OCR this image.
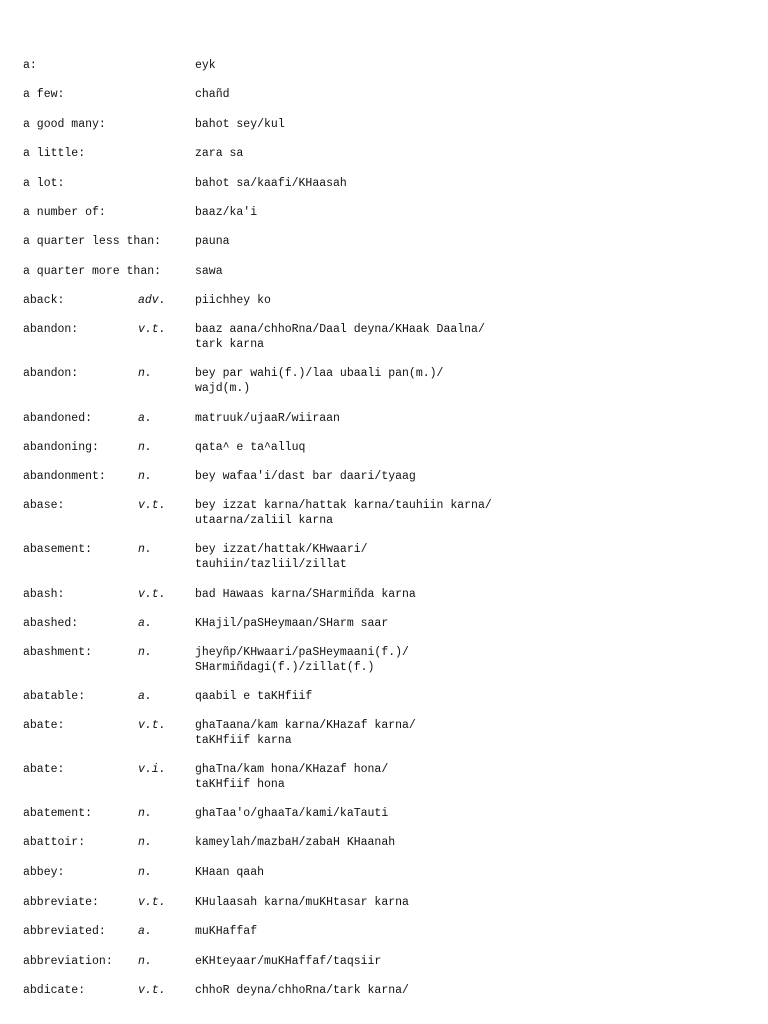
a:	eyk
a few:	chañd
a good many:	bahot sey/kul
a little:	zara sa
a lot:	bahot sa/kaafi/KHaasah
a number of:	baaz/ka'i
a quarter less than:	pauna
a quarter more than:	sawa
aback:	adv.	piichhey ko
abandon:	v.t.	baaz aana/chhoRna/Daal deyna/KHaak Daalna/
tark karna
abandon:	n.	bey par wahi(f.)/laa ubaali pan(m.)/
wajd(m.)
abandoned:	a.	matruuk/ujaaR/wiiraan
abandoning:	n.	qata^ e ta^alluq
abandonment:	n.	bey wafaa'i/dast bar daari/tyaag
abase:	v.t.	bey izzat karna/hattak karna/tauhiin karna/
utaarna/zaliil karna
abasement:	n.	bey izzat/hattak/KHwaari/
tauhiin/tazliil/zillat
abash:	v.t.	bad Hawaas karna/SHarmiñda karna
abashed:	a.	KHajil/paSHeymaan/SHarm saar
abashment:	n.	jheyñp/KHwaari/paSHeymaani(f.)/
SHarmiñdagi(f.)/zillat(f.)
abatable:	a.	qaabil e taKHfiif
abate:	v.t.	ghaTaana/kam karna/KHazaf karna/
taKHfiif karna
abate:	v.i.	ghaTna/kam hona/KHazaf hona/
taKHfiif hona
abatement:	n.	ghaTaa'o/ghaaTa/kami/kaTauti
abattoir:	n.	kameylah/mazbaH/zabaH KHaanah
abbey:	n.	KHaan qaah
abbreviate:	v.t.	KHulaasah karna/muKHtasar karna
abbreviated:	a.	muKHaffaf
abbreviation: n.	eKHteyaar/muKHaffaf/taqsiir
abdicate:	v.t.	chhoR deyna/chhoRna/tark karna/
